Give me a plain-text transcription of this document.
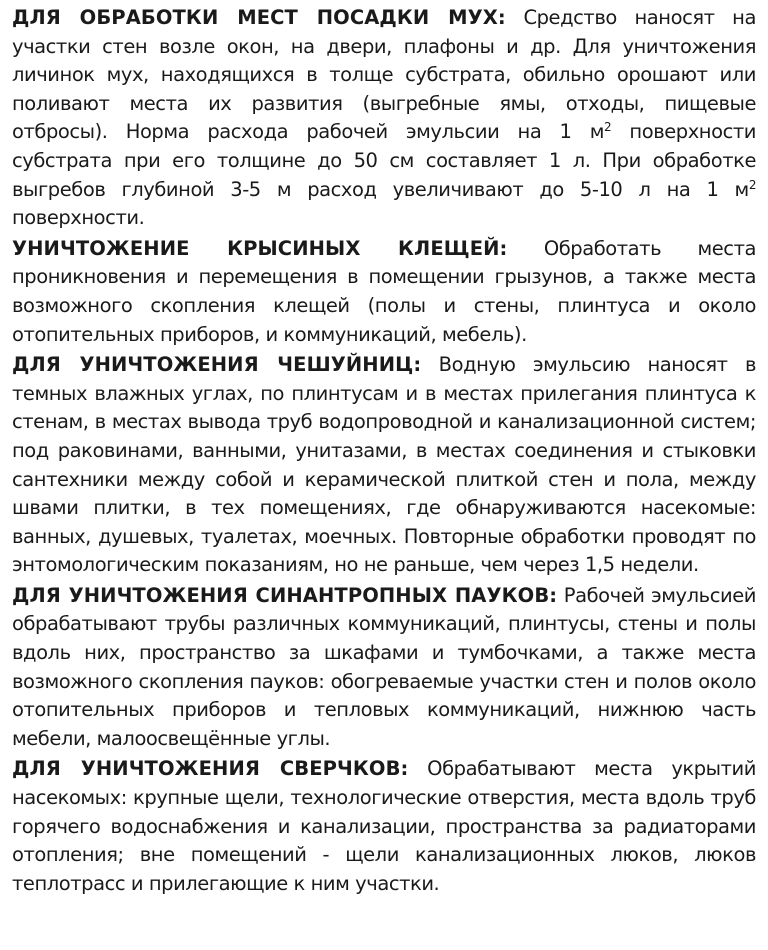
ДЛЯ ОБРАБОТКИ МЕСТ ПОСАДКИ МУХ: Средство наносят на участки стен возле окон, на двери, плафоны и др. Для уничтожения личинок мух, находящихся в толще субстрата, обильно орошают или поливают места их развития (выгребные ямы, отходы, пищевые отбросы). Норма расхода рабочей эмульсии на 1 $м^2$ поверхности субстрата при его толщине до 50 см составляет 1 л. При обработке выгребов глубиной 3-5 м расход увеличивают до 5-10 л на 1 $м^2$ поверхности.

УНИЧТОЖЕНИЕ КРЫСИНЫХ КЛЕЩЕЙ: Обработать места проникновения и перемещения в помещении грызунов, а также места возможного скопления клещей (полы и стены, плинтуса и около отопительных приборов, и коммуникаций, мебель).

ДЛЯ УНИЧТОЖЕНИЯ ЧЕШУЙНИЦ: Водную эмульсию наносят в темных влажных углах, по плинтусам и в местах прилегания плинтуса к стенам, в местах вывода труб водопроводной и канализационной систем; под раковинами, ванными, унитазами, в местах соединения и стыковки сантехники между собой и керамической плиткой стен и пола, между швами плитки, в тех помещениях, где обнаруживаются насекомые: ванных, душевых, туалетах, моечных. Повторные обработки проводят по энтомологическим показаниям, но не раньше, чем через 1,5 недели.

ДЛЯ УНИЧТОЖЕНИЯ СИНАНТРОПНЫХ ПАУКОВ: Рабочей эмульсией обрабатывают трубы различных коммуникаций, плинтусы, стены и полы вдоль них, пространство за шкафами и тумбочками, а также места возможного скопления пауков: обогреваемые участки стен и полов около отопительных приборов и тепловых коммуникаций, нижнюю часть мебели, малоосвещённые углы.

ДЛЯ УНИЧТОЖЕНИЯ СВЕРЧКОВ: Обрабатывают места укрытий насекомых: крупные щели, технологические отверстия, места вдоль труб горячего водоснабжения и канализации, пространства за радиаторами отопления; вне помещений - щели канализационных люков, люков теплотрасс и прилегающие к ним участки.
